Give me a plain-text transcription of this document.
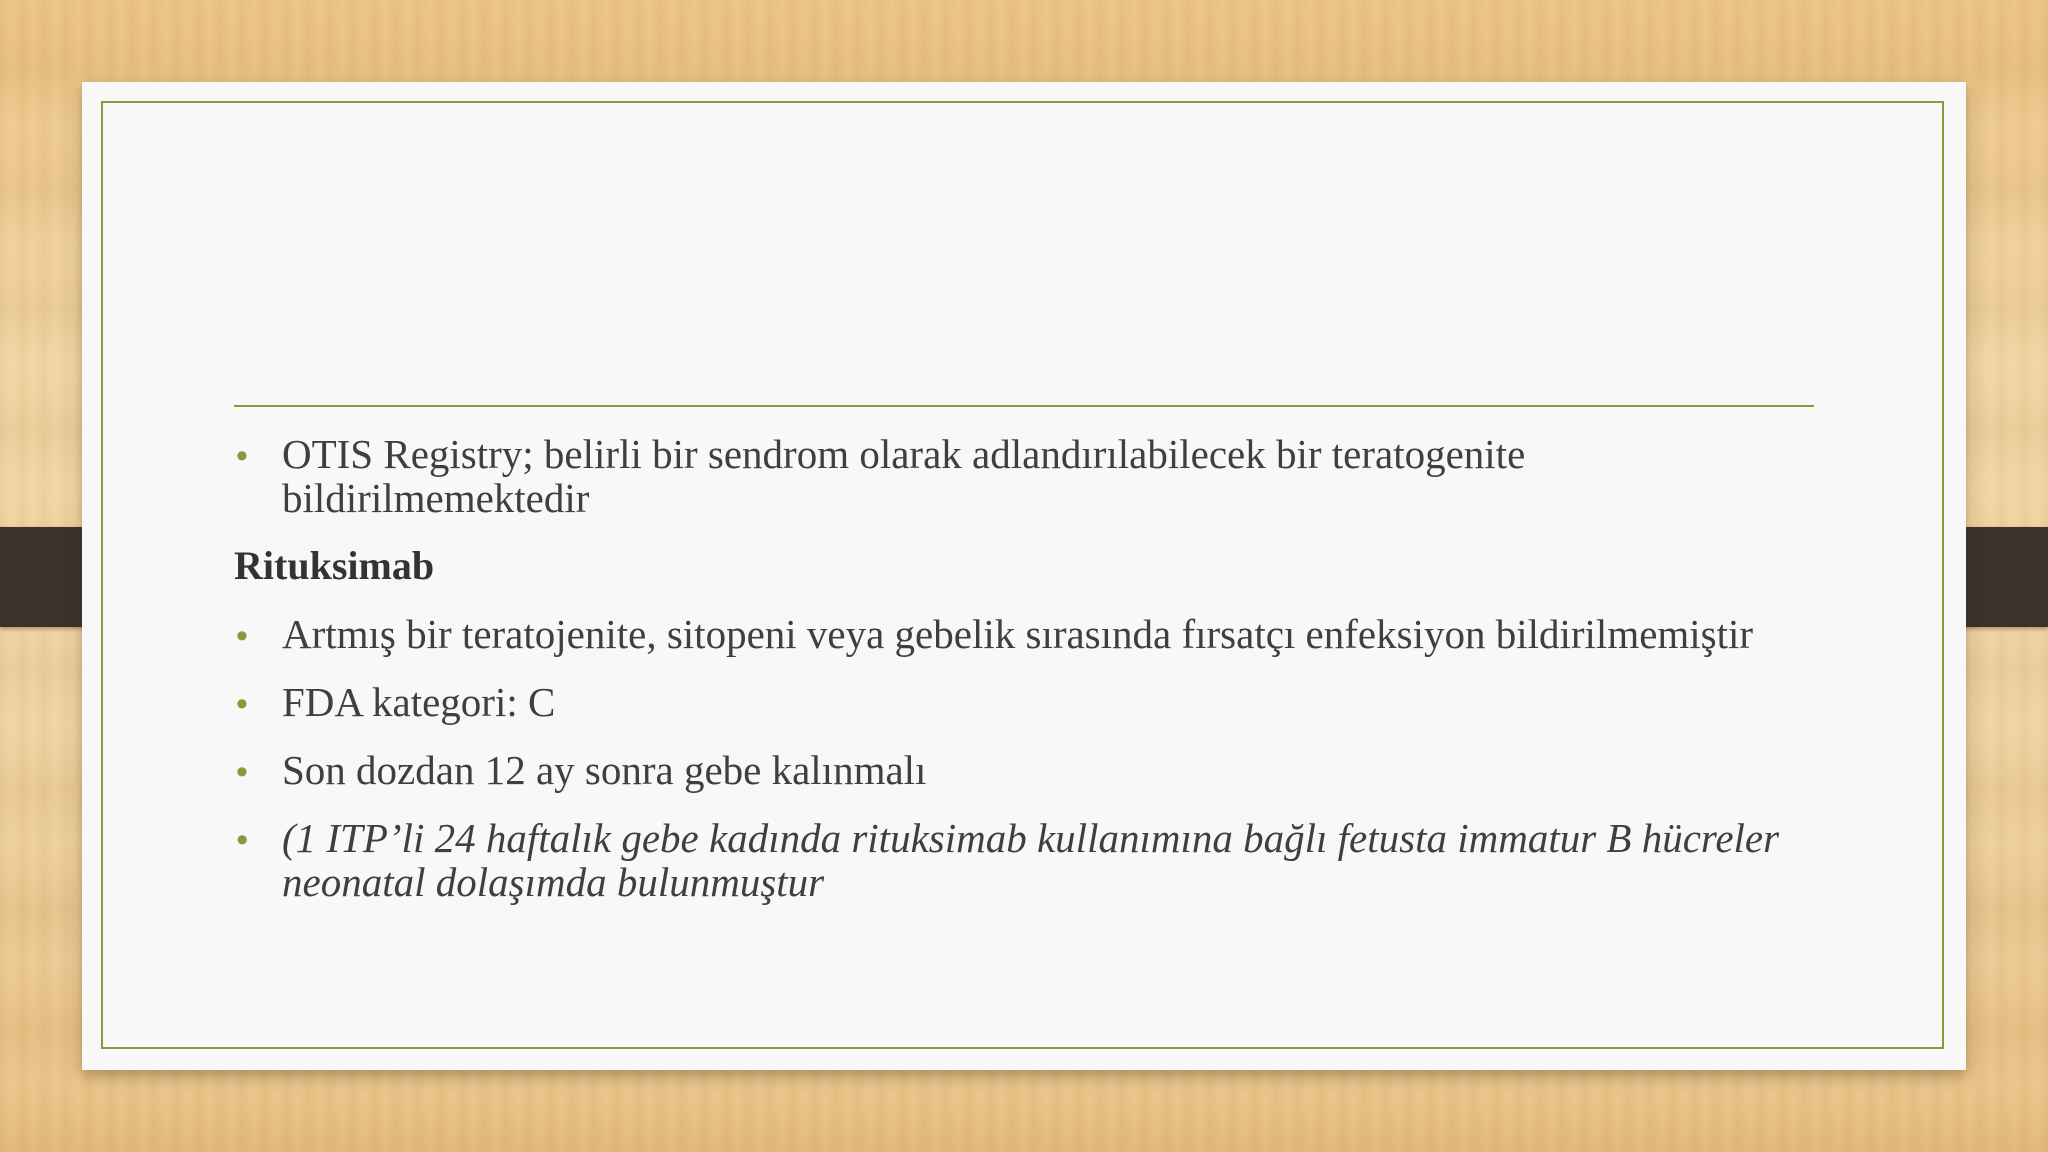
• OTIS Registry; belirli bir sendrom olarak adlandırılabilecek bir teratogenite bildirilmemektedir
Rituksimab
• Artmış bir teratojenite, sitopeni veya gebelik sırasında fırsatçı enfeksiyon bildirilmemiştir
• FDA kategori: C
• Son dozdan 12 ay sonra gebe kalınmalı
• (1 ITP’li 24 haftalık gebe kadında rituksimab kullanımına bağlı fetusta immatur B hücreler neonatal dolaşımda bulunmuştur
